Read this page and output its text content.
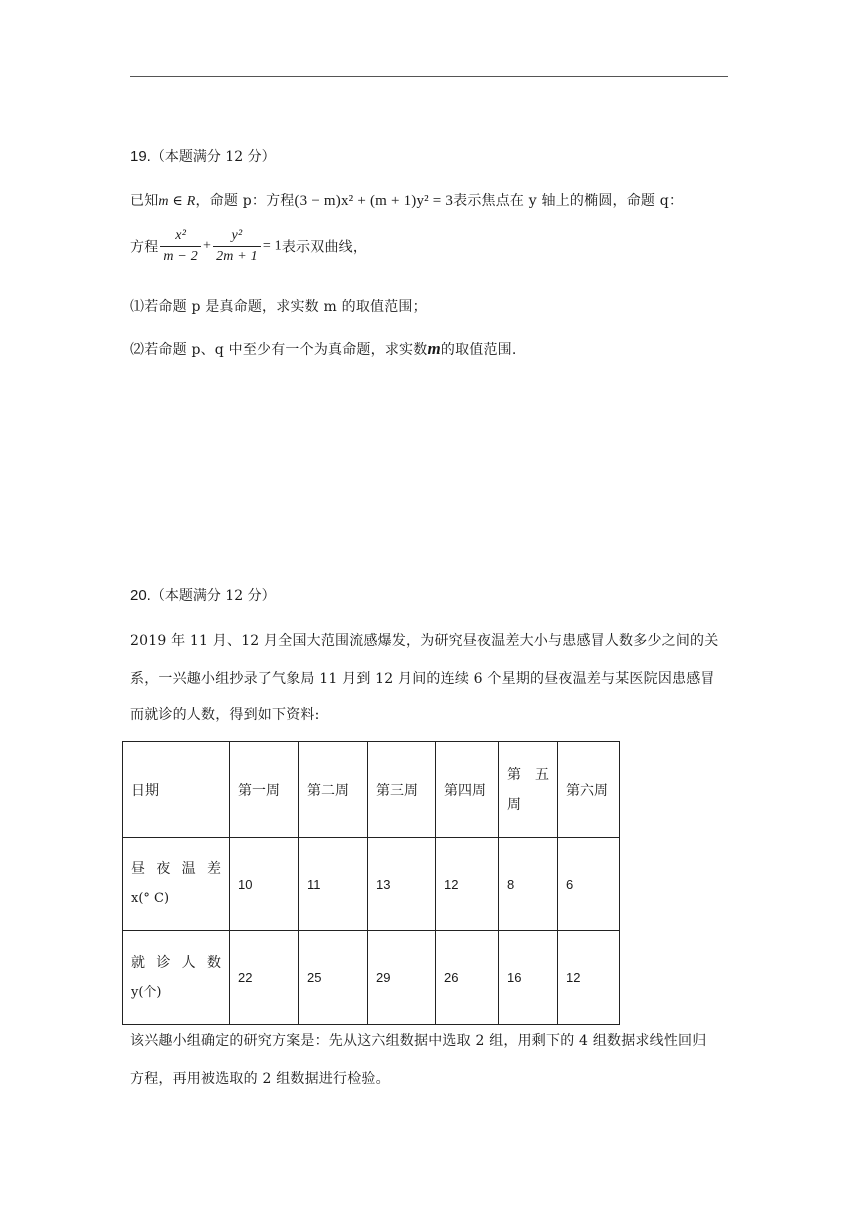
19.（本题满分 12 分）
已知m ∈ R，命题 p：方程(3 − m)x² + (m + 1)y² = 3表示焦点在 y 轴上的椭圆，命题 q：
方程 $\frac{\text{x²}}{m - 2} + \frac{\text{y²}}{2m + 1} = 1$表示双曲线，
⑴若命题 p 是真命题，求实数 m 的取值范围；
⑵若命题 p、q 中至少有一个为真命题，求实数m的取值范围.
20.（本题满分 12 分）
2019 年 11 月、12 月全国大范围流感爆发，为研究昼夜温差大小与患感冒人数多少之间的关
系，一兴趣小组抄录了气象局 11 月到 12 月间的连续 6 个星期的昼夜温差与某医院因患感冒
而就诊的人数，得到如下资料:
日期	第一周	第二周	第三周	第四周	第　五周	第六周

昼 夜 温 差
x(° C)	10	11	13	12	8	6

就 诊 人 数
y(个)	22	25	29	26	16	12
该兴趣小组确定的研究方案是：先从这六组数据中选取 2 组，用剩下的 4 组数据求线性回归
方程，再用被选取的 2 组数据进行检验。
